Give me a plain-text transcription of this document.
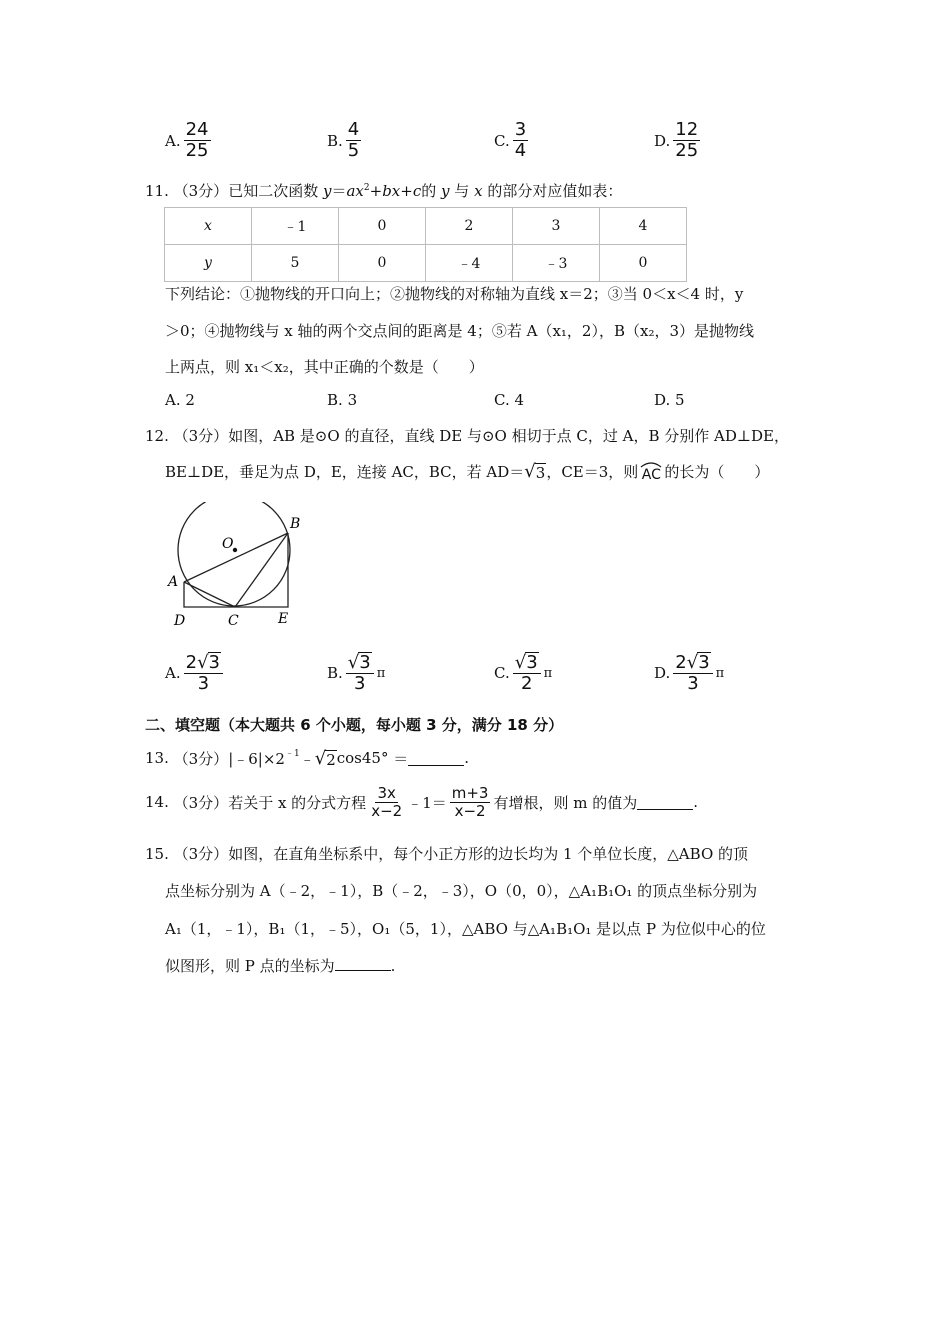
A. $\frac{24}{25}$	B. $\frac{4}{5}$	C. $\frac{3}{4}$	D. $\frac{12}{25}$
11. （3分）已知二次函数 $y=ax^2+bx+c$的 y 与 x 的部分对应值如表：
x	﹣1	0	2	3	4
y	5	0	﹣4	﹣3	0
下列结论：①抛物线的开口向上；②抛物线的对称轴为直线 x＝2；③当 0＜x＜4 时，y
＞0；④抛物线与 x 轴的两个交点间的距离是 4；⑤若 A（x₁，2），B（x₂，3）是抛物线
上两点，则 x₁＜x₂，其中正确的个数是（　　）
A. 2	B. 3	C. 4	D. 5
12. （3分）如图，AB 是⊙O 的直径，直线 DE 与⊙O 相切于点 C，过 A，B 分别作 AD⊥DE，
BE⊥DE，垂足为点 D，E，连接 AC，BC，若 AD＝ √ 3 ，CE＝3，则 AC 的长为（　　）
O
B
A
D	C	E
A. $\frac{2 √ 3}{3}$	B. $\frac{√ 3}{3}$ π	C. $\frac{√ 3}{2}$ π	D. $\frac{2 √ 3}{3}$ π
二、填空题（本大题共 6 个小题，每小题 3 分，满分 18 分）
13.
（3分） $|﹣6|\times 2^{﹣1}$ ﹣ √ 2 cos45°
＝	.
14.
（3分） 若关于 x 的分式方程 $\frac{3x}{x-2}$ ﹣1＝ $\frac{m+3}{x-2}$ 有增根，则 m 的值为	.
15. （3分）如图，在直角坐标系中，每个小正方形的边长均为 1 个单位长度，△ABO 的顶
点坐标分别为 A（﹣2，﹣1），B（﹣2，﹣3），O（0，0），△A₁B₁O₁ 的顶点坐标分别为
A₁（1，﹣1），B₁（1，﹣5），O₁（5，1），△ABO 与△A₁B₁O₁ 是以点 P 为位似中心的位
似图形，则 P 点的坐标为	.
